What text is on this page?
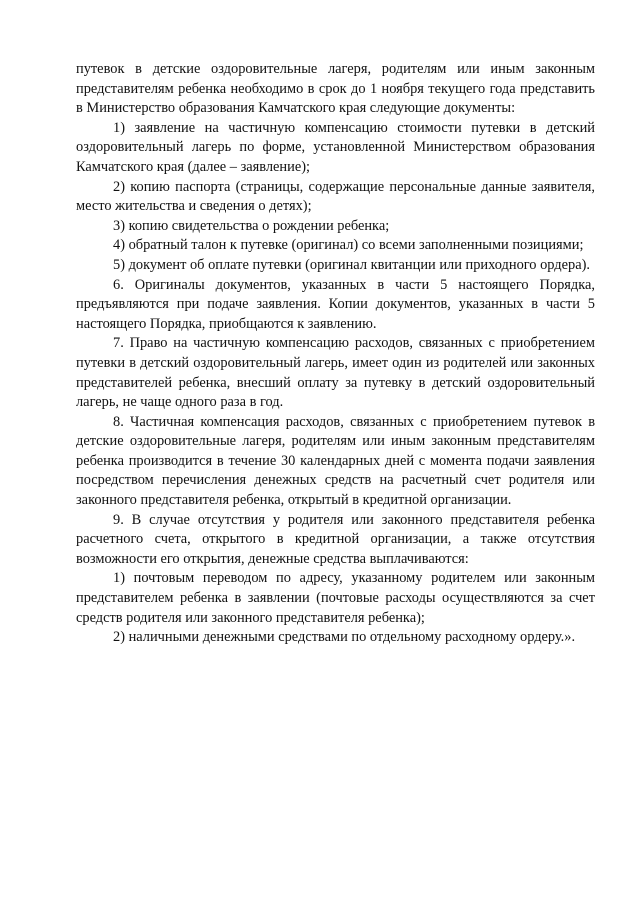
путевок в детские оздоровительные лагеря, родителям или иным законным представителям ребенка необходимо в срок до 1 ноября текущего года представить в Министерство образования Камчатского края следующие документы:

1) заявление на частичную компенсацию стоимости путевки в детский оздоровительный лагерь по форме, установленной Министерством образования Камчатского края (далее – заявление);

2) копию паспорта (страницы, содержащие персональные данные заявителя, место жительства и сведения о детях);

3) копию свидетельства о рождении ребенка;

4) обратный талон к путевке (оригинал) со всеми заполненными позициями;

5) документ об оплате путевки (оригинал квитанции или приходного ордера).

6. Оригиналы документов, указанных в части 5 настоящего Порядка, предъявляются при подаче заявления. Копии документов, указанных в части 5 настоящего Порядка, приобщаются к заявлению.

7. Право на частичную компенсацию расходов, связанных с приобретением путевки в детский оздоровительный лагерь, имеет один из родителей или законных представителей ребенка, внесший оплату за путевку в детский оздоровительный лагерь, не чаще одного раза в год.

8. Частичная компенсация расходов, связанных с приобретением путевок в детские оздоровительные лагеря, родителям или иным законным представителям ребенка производится в течение 30 календарных дней с момента подачи заявления посредством перечисления денежных средств на расчетный счет родителя или законного представителя ребенка, открытый в кредитной организации.

9. В случае отсутствия у родителя или законного представителя ребенка расчетного счета, открытого в кредитной организации, а также отсутствия возможности его открытия, денежные средства выплачиваются:

1) почтовым переводом по адресу, указанному родителем или законным представителем ребенка в заявлении (почтовые расходы осуществляются за счет средств родителя или законного представителя ребенка);

2) наличными денежными средствами по отдельному расходному ордеру.».
